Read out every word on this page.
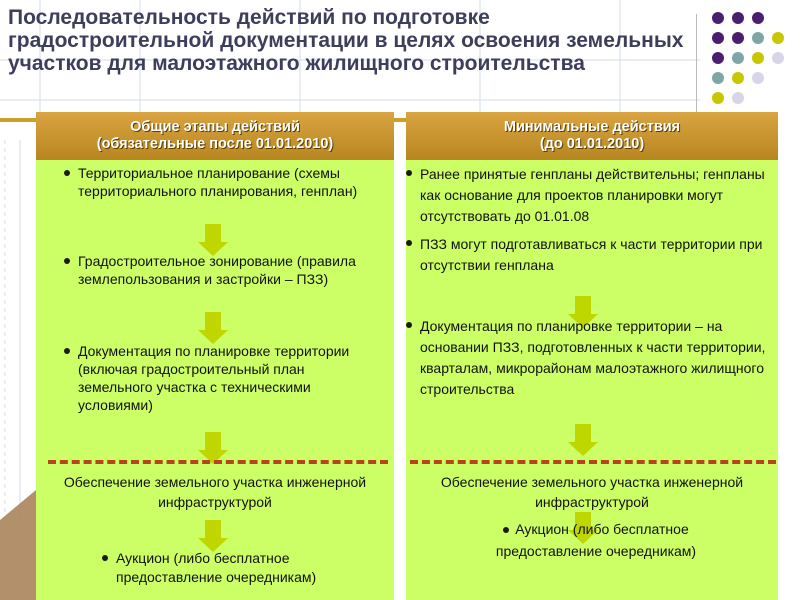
Последовательность действий по подготовке градостроительной документации в целях освоения земельных участков для малоэтажного жилищного строительства
Общие этапы действий
(обязательные после 01.01.2010)
Территориальное планирование (схемы территориального планирования, генплан)
Градостроительное зонирование (правила землепользования и застройки – ПЗЗ)
Документация по планировке территории (включая градостроительный план земельного участка с техническими условиями)
Обеспечение земельного участка инженерной инфраструктурой
Аукцион (либо бесплатное предоставление очередникам)
Минимальные действия
(до 01.01.2010)
Ранее принятые генпланы действительны; генпланы как основание для проектов планировки могут отсутствовать до 01.01.08
ПЗЗ могут подготавливаться к части территории при отсутствии генплана
Документация по планировке территории – на основании ПЗЗ, подготовленных к части территории, кварталам, микрорайонам малоэтажного жилищного строительства
Обеспечение земельного участка инженерной инфраструктурой
Аукцион (либо бесплатное предоставление очередникам)
